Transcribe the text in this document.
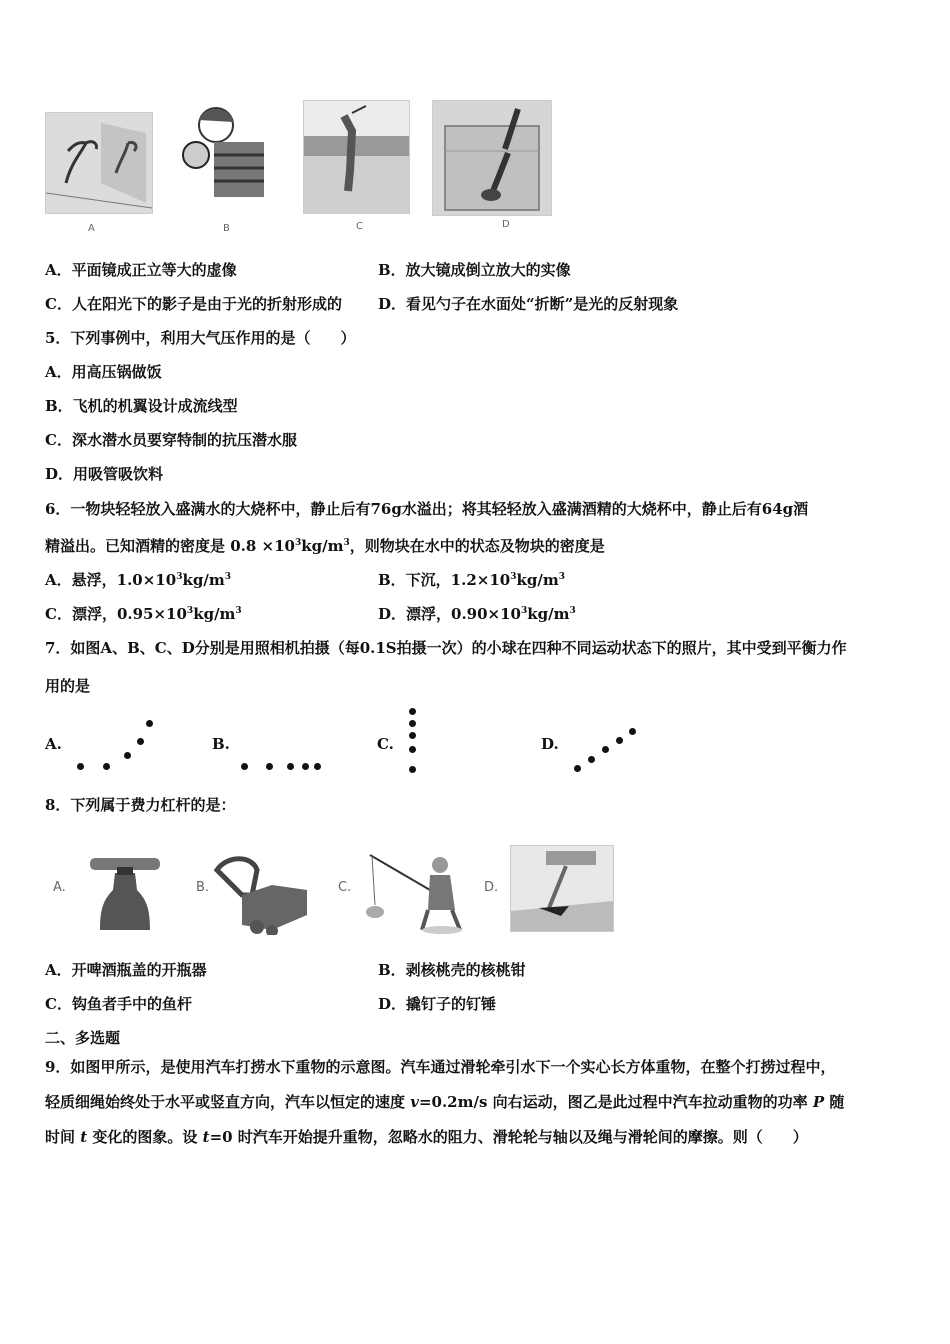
A	B	C	D
A．平面镜成正立等大的虚像	B．放大镜成倒立放大的实像
C．人在阳光下的影子是由于光的折射形成的 D．看见勺子在水面处“折断”是光的反射现象
5．下列事例中，利用大气压作用的是（　　）
A．用高压锅做饭
B．飞机的机翼设计成流线型
C．深水潜水员要穿特制的抗压潜水服
D．用吸管吸饮料
6．一物块轻轻放入盛满水的大烧杯中，静止后有76g水溢出；将其轻轻放入盛满酒精的大烧杯中，静止后有64g酒
精溢出。已知酒精的密度是 $0.8 \times 10^3kg/m^3$，则物块在水中的状态及物块的密度是
A．悬浮，$1.0\times 10^3kg/m^3$	B．下沉，$1.2\times 10^3kg/m^3$
C．漂浮，$0.95\times 10^3kg/m^3$	D．漂浮，$0.90\times 10^3kg/m^3$
7．如图A、B、C、D分别是用照相机拍摄（每0.1S拍摄一次）的小球在四种不同运动状态下的照片，其中受到平衡力作
用的是
A.	B.	C.	D.
8．下列属于费力杠杆的是：
A.	B.	C.	D.
A．开啤酒瓶盖的开瓶器	B．剥核桃壳的核桃钳
C．钩鱼者手中的鱼杆	D．撬钉子的钉锤
二、多选题
9．如图甲所示，是使用汽车打捞水下重物的示意图。汽车通过滑轮牵引水下一个实心长方体重物，在整个打捞过程中，
轻质细绳始终处于水平或竖直方向，汽车以恒定的速度 v=0.2m/s 向右运动，图乙是此过程中汽车拉动重物的功率 P 随
时间 t 变化的图象。设 t=0 时汽车开始提升重物，忽略水的阻力、滑轮轮与轴以及绳与滑轮间的摩擦。则（　　）
